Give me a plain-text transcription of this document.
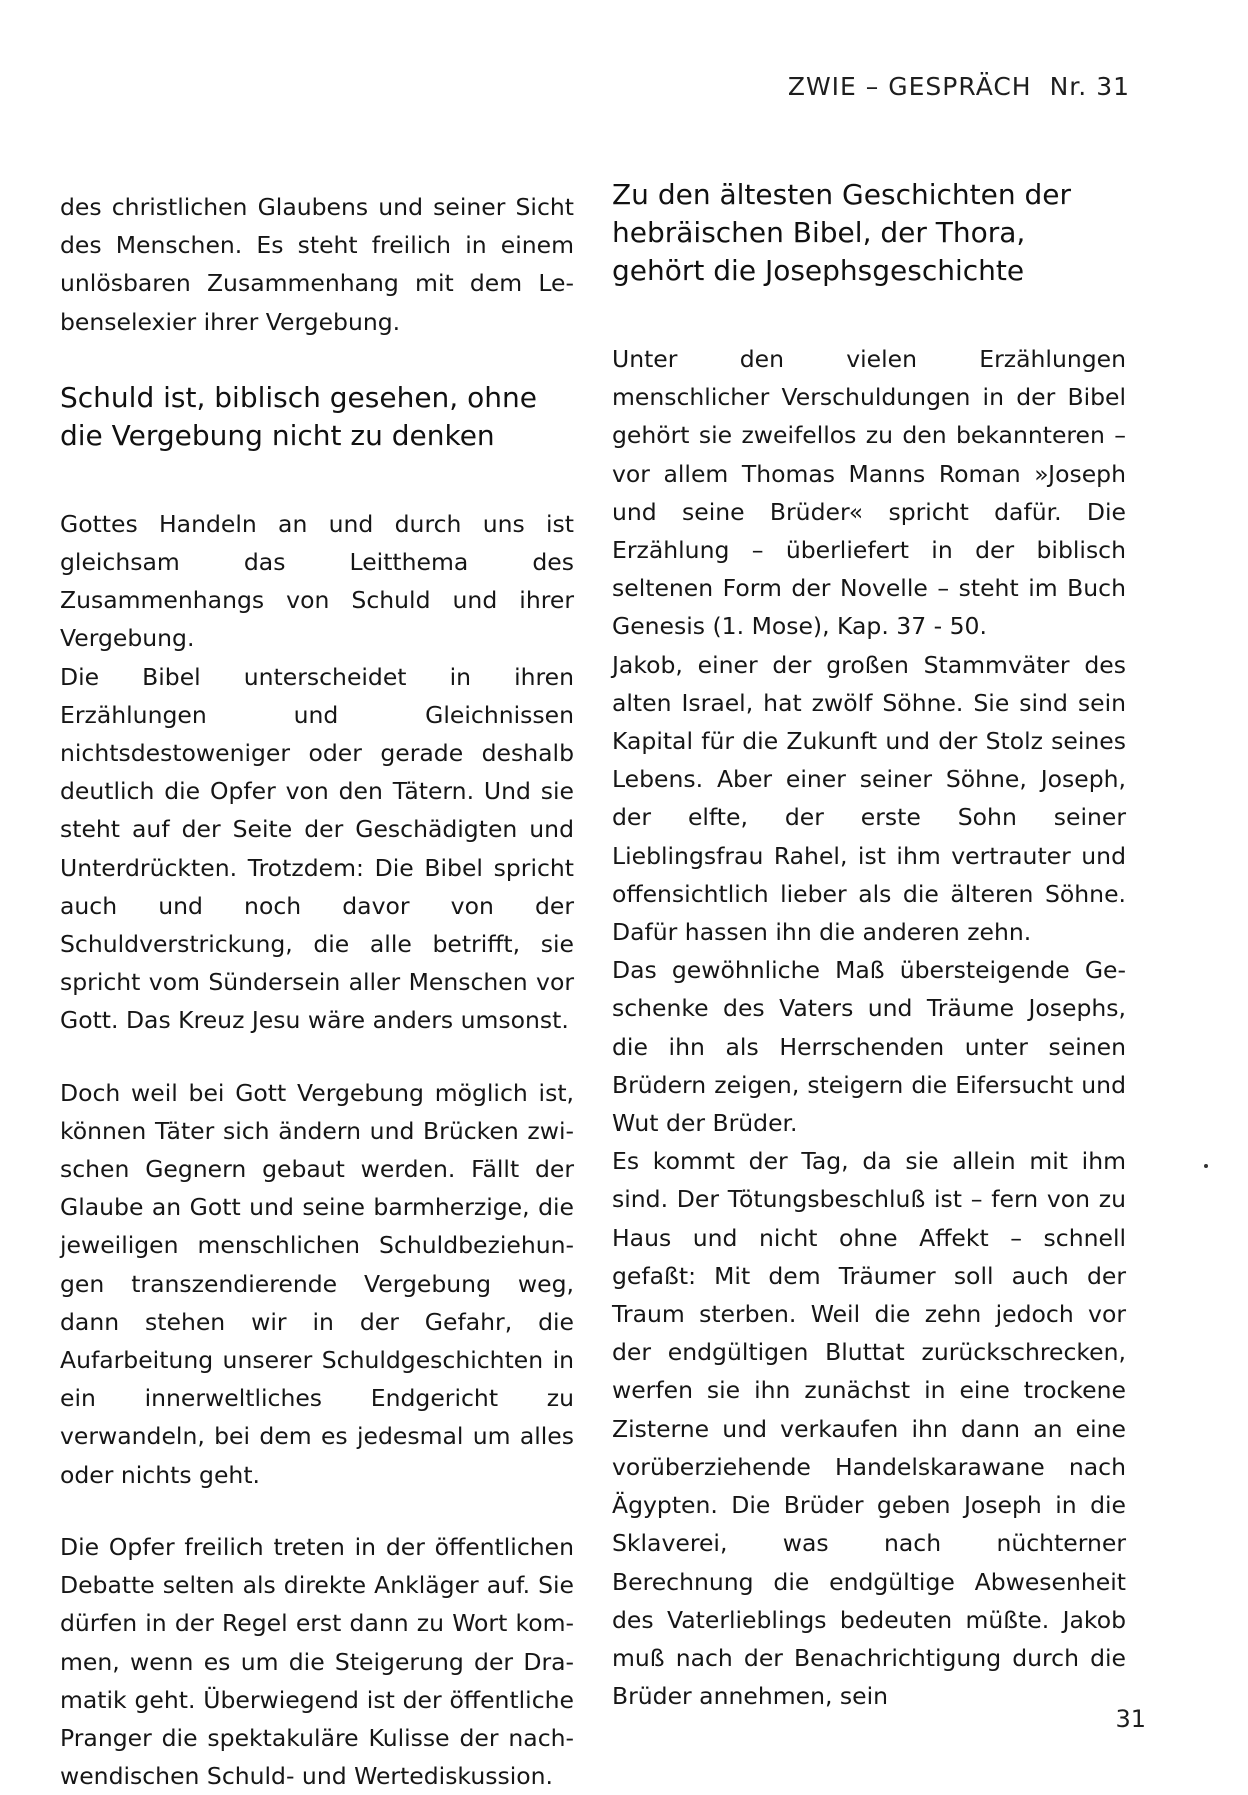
ZWIE – GESPRÄCH Nr. 31

des christlichen Glaubens und seiner Sicht des Menschen. Es steht freilich in einem unlösbaren Zusammenhang mit dem Lebenselexier ihrer Vergebung.

Schuld ist, biblisch gesehen, ohne die Vergebung nicht zu denken

Gottes Handeln an und durch uns ist gleichsam das Leitthema des Zusammenhangs von Schuld und ihrer Vergebung.

Die Bibel unterscheidet in ihren Erzählungen und Gleichnissen nichtsdestoweniger oder gerade deshalb deutlich die Opfer von den Tätern. Und sie steht auf der Seite der Geschädigten und Unterdrückten. Trotzdem: Die Bibel spricht auch und noch davor von der Schuldverstrickung, die alle betrifft, sie spricht vom Sündersein aller Menschen vor Gott. Das Kreuz Jesu wäre anders umsonst.

Doch weil bei Gott Vergebung möglich ist, können Täter sich ändern und Brücken zwischen Gegnern gebaut werden. Fällt der Glaube an Gott und seine barmherzige, die jeweiligen menschlichen Schuldbeziehungen transzendierende Vergebung weg, dann stehen wir in der Gefahr, die Aufarbeitung unserer Schuldgeschichten in ein innerweltliches Endgericht zu verwandeln, bei dem es jedesmal um alles oder nichts geht.

Die Opfer freilich treten in der öffentlichen Debatte selten als direkte Ankläger auf. Sie dürfen in der Regel erst dann zu Wort kommen, wenn es um die Steigerung der Dramatik geht. Überwiegend ist der öffentliche Pranger die spektakuläre Kulisse der nachwendischen Schuld- und Wertediskussion.

Zu den ältesten Geschichten der hebräischen Bibel, der Thora, gehört die Josephsgeschichte

Unter den vielen Erzählungen menschlicher Verschuldungen in der Bibel gehört sie zweifellos zu den bekannteren – vor allem Thomas Manns Roman »Joseph und seine Brüder« spricht dafür. Die Erzählung – überliefert in der biblisch seltenen Form der Novelle – steht im Buch Genesis (1. Mose), Kap. 37 - 50.

Jakob, einer der großen Stammväter des alten Israel, hat zwölf Söhne. Sie sind sein Kapital für die Zukunft und der Stolz seines Lebens. Aber einer seiner Söhne, Joseph, der elfte, der erste Sohn seiner Lieblingsfrau Rahel, ist ihm vertrauter und offensichtlich lieber als die älteren Söhne. Dafür hassen ihn die anderen zehn.

Das gewöhnliche Maß übersteigende Geschenke des Vaters und Träume Josephs, die ihn als Herrschenden unter seinen Brüdern zeigen, steigern die Eifersucht und Wut der Brüder.

Es kommt der Tag, da sie allein mit ihm sind. Der Tötungsbeschluß ist – fern von zu Haus und nicht ohne Affekt – schnell gefaßt: Mit dem Träumer soll auch der Traum sterben. Weil die zehn jedoch vor der endgültigen Bluttat zurückschrecken, werfen sie ihn zunächst in eine trockene Zisterne und verkaufen ihn dann an eine vorüberziehende Handelskarawane nach Ägypten. Die Brüder geben Joseph in die Sklaverei, was nach nüchterner Berechnung die endgültige Abwesenheit des Vaterlieblings bedeuten müßte. Jakob muß nach der Benachrichtigung durch die Brüder annehmen, sein

31
